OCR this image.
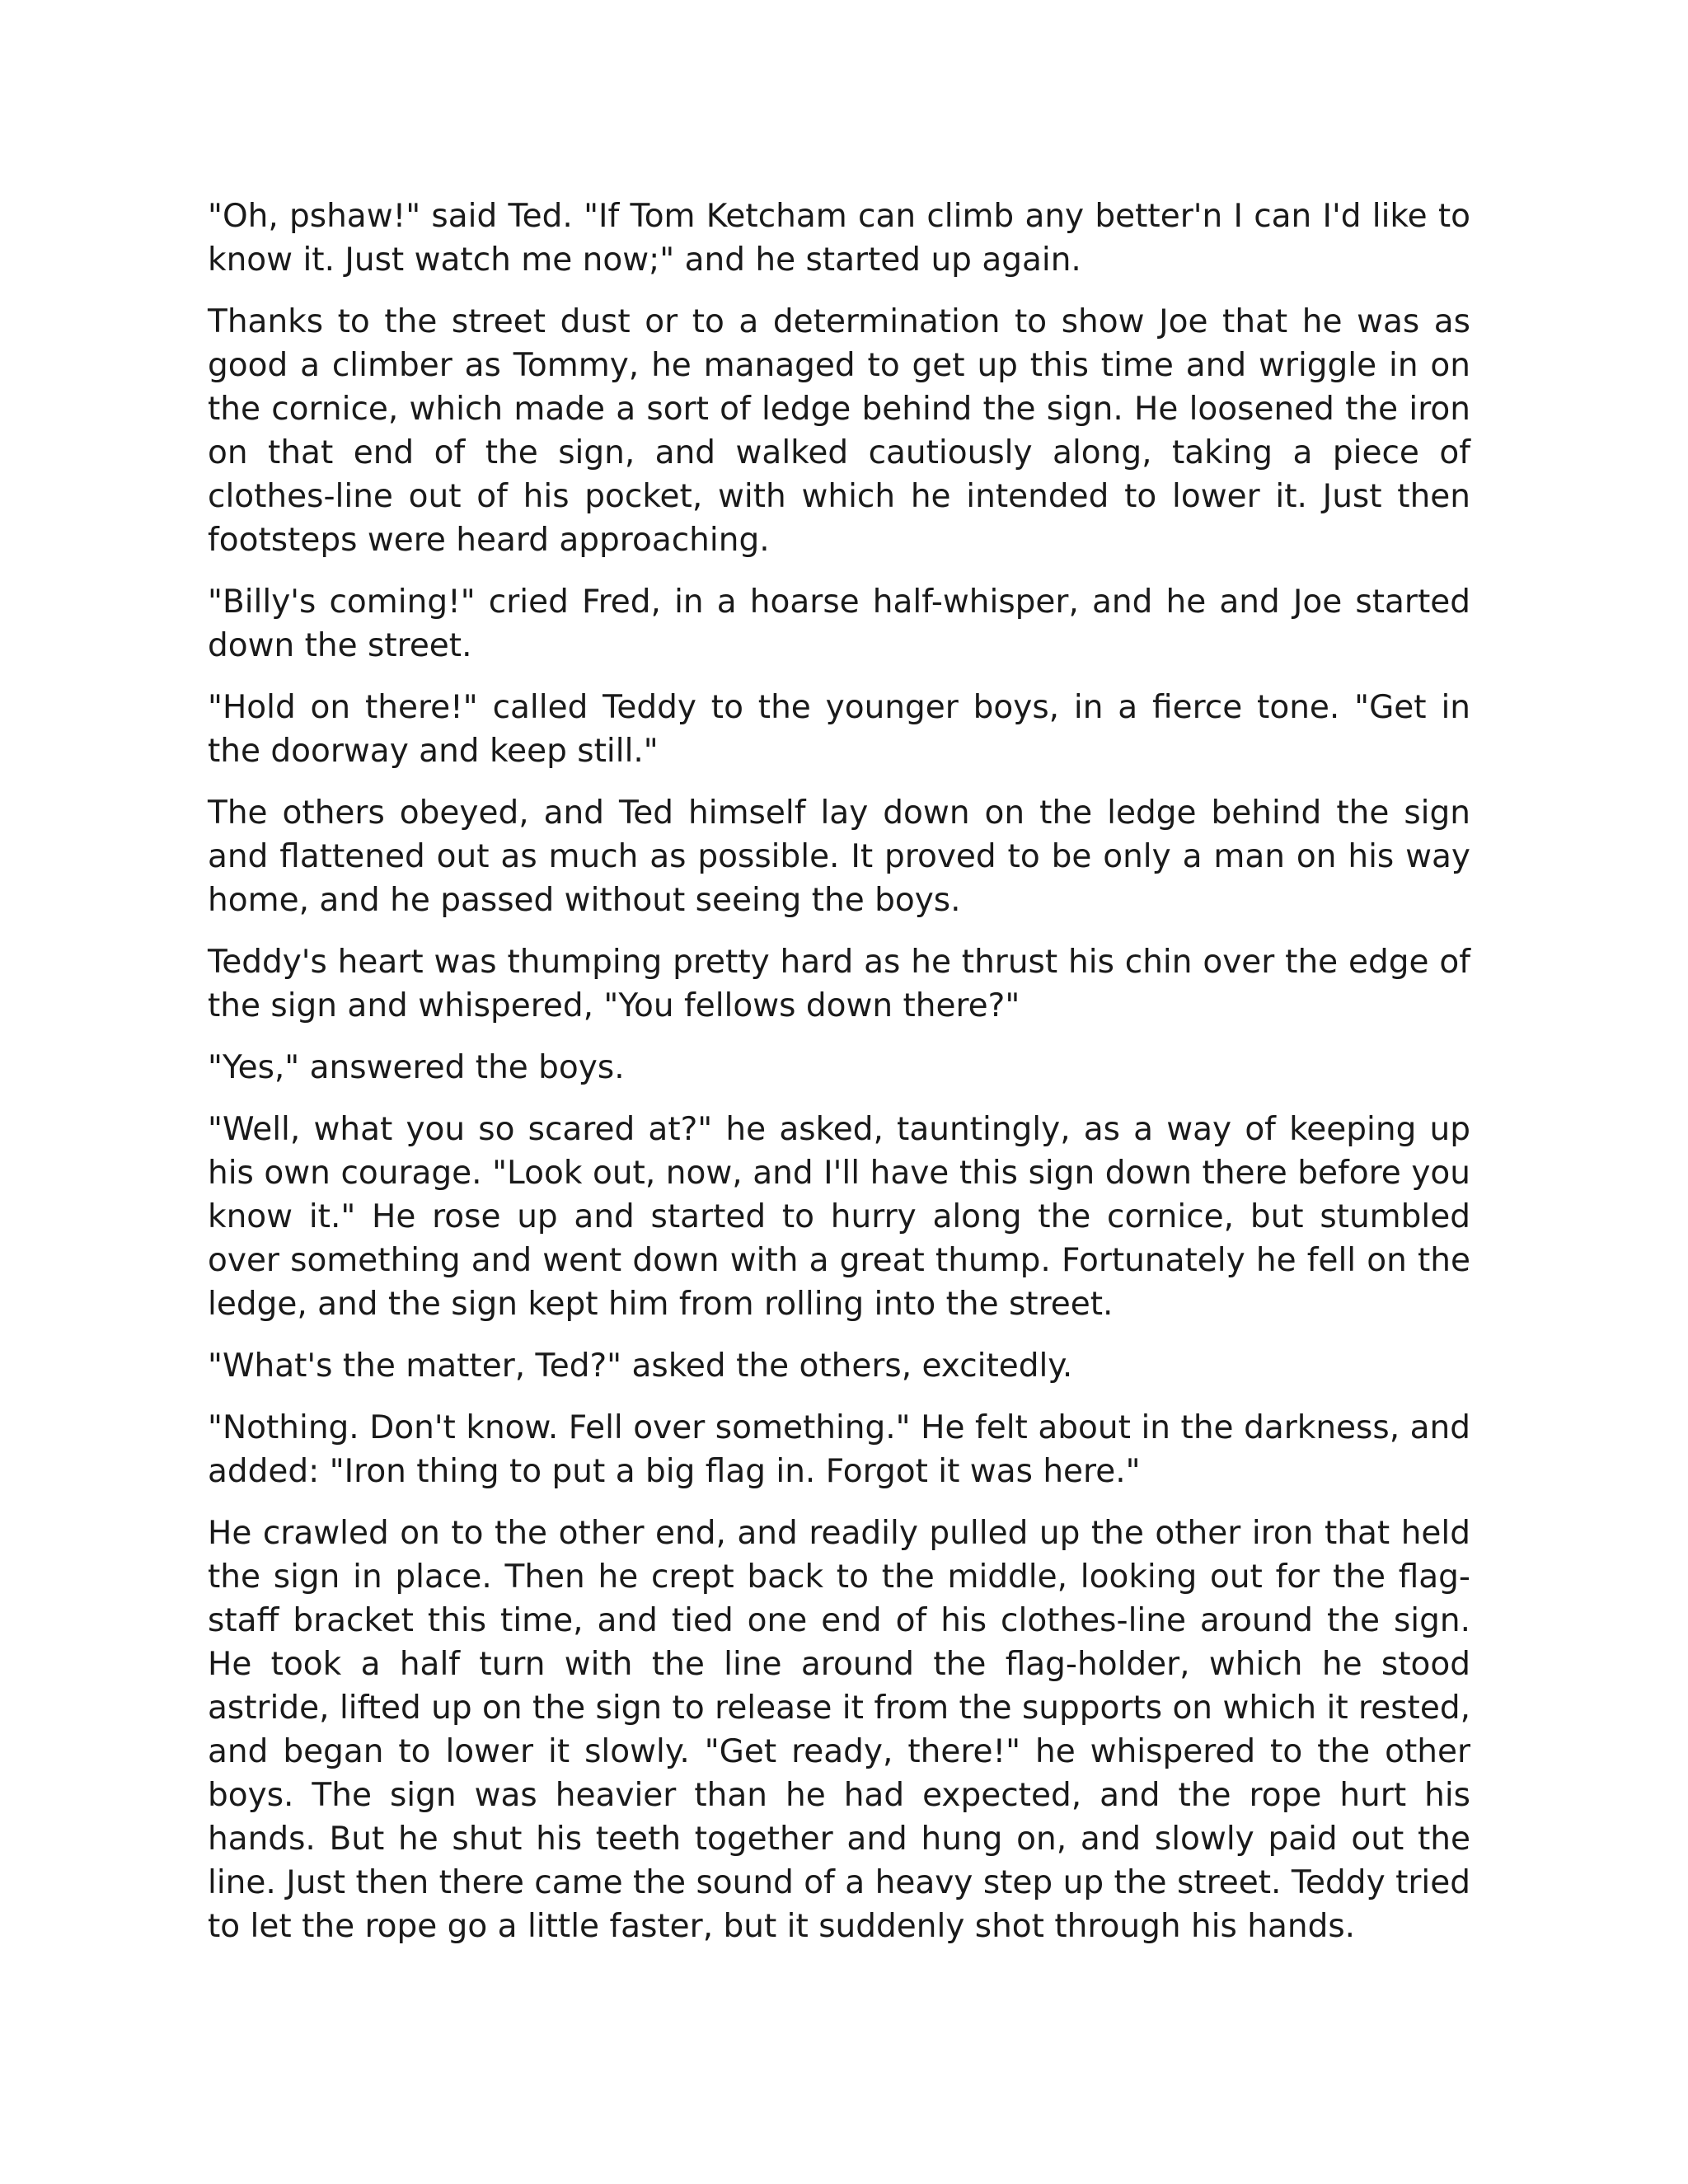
"Oh, pshaw!" said Ted. "If Tom Ketcham can climb any better'n I can I'd like to know it. Just watch me now;" and he started up again.

Thanks to the street dust or to a determination to show Joe that he was as good a climber as Tommy, he managed to get up this time and wriggle in on the cornice, which made a sort of ledge behind the sign. He loosened the iron on that end of the sign, and walked cautiously along, taking a piece of clothes-line out of his pocket, with which he intended to lower it. Just then footsteps were heard approaching.

"Billy's coming!" cried Fred, in a hoarse half-whisper, and he and Joe started down the street.

"Hold on there!" called Teddy to the younger boys, in a fierce tone. "Get in the doorway and keep still."

The others obeyed, and Ted himself lay down on the ledge behind the sign and flattened out as much as possible. It proved to be only a man on his way home, and he passed without seeing the boys.

Teddy's heart was thumping pretty hard as he thrust his chin over the edge of the sign and whispered, "You fellows down there?"

"Yes," answered the boys.

"Well, what you so scared at?" he asked, tauntingly, as a way of keeping up his own courage. "Look out, now, and I'll have this sign down there before you know it." He rose up and started to hurry along the cornice, but stumbled over something and went down with a great thump. Fortunately he fell on the ledge, and the sign kept him from rolling into the street.

"What's the matter, Ted?" asked the others, excitedly.

"Nothing. Don't know. Fell over something." He felt about in the darkness, and added: "Iron thing to put a big flag in. Forgot it was here."

He crawled on to the other end, and readily pulled up the other iron that held the sign in place. Then he crept back to the middle, looking out for the flag-staff bracket this time, and tied one end of his clothes-line around the sign. He took a half turn with the line around the flag-holder, which he stood astride, lifted up on the sign to release it from the supports on which it rested, and began to lower it slowly. "Get ready, there!" he whispered to the other boys. The sign was heavier than he had expected, and the rope hurt his hands. But he shut his teeth together and hung on, and slowly paid out the line. Just then there came the sound of a heavy step up the street. Teddy tried to let the rope go a little faster, but it suddenly shot through his hands.
